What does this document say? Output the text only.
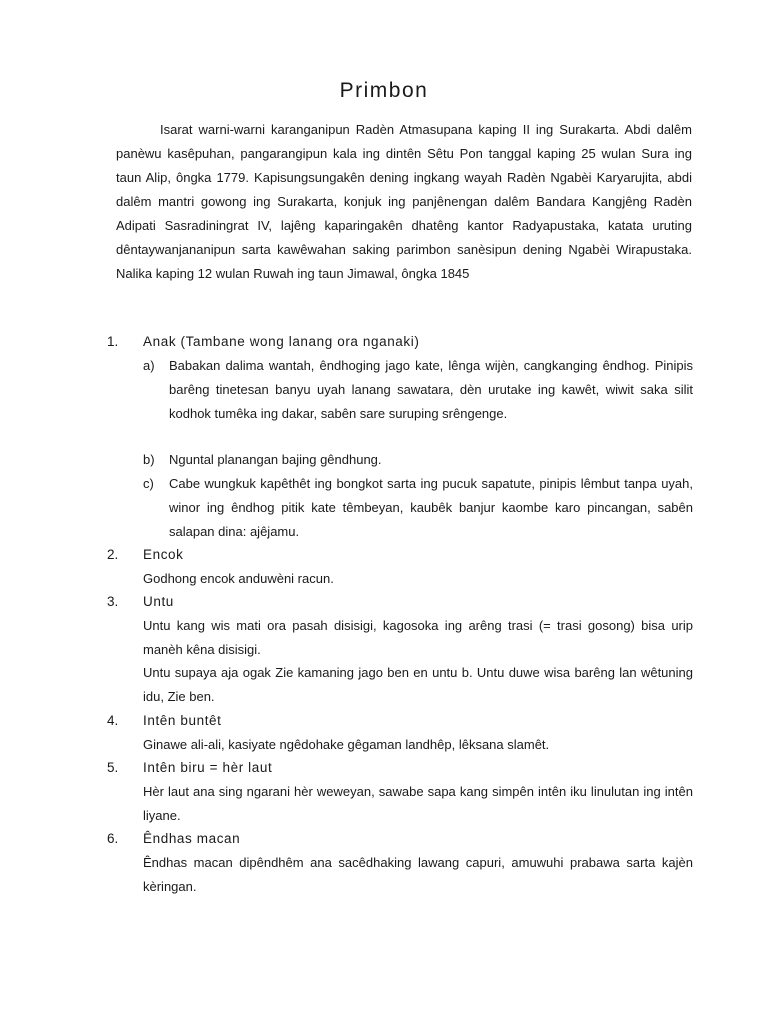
Primbon

Isarat warni-warni karanganipun Radèn Atmasupana kaping II ing Surakarta. Abdi dalêm panèwu kasêpuhan, pangarangipun kala ing dintên Sêtu Pon tanggal kaping 25 wulan Sura ing taun Alip, ôngka 1779. Kapisungsungakên dening ingkang wayah Radèn Ngabèi Karyarujita, abdi dalêm mantri gowong ing Surakarta, konjuk ing panjênengan dalêm Bandara Kangjêng Radèn Adipati Sasradiningrat IV, lajêng kaparingakên dhatêng kantor Radyapustaka, katata uruting dêntaywanjananipun sarta kawêwahan saking parimbon sanèsipun dening Ngabèi Wirapustaka. Nalika kaping 12 wulan Ruwah ing taun Jimawal, ôngka 1845

1. Anak (Tambane wong lanang ora nganaki)
a) Babakan dalima wantah, êndhoging jago kate, lênga wijèn, cangkanging êndhog. Pinipis barêng tinetesan banyu uyah lanang sawatara, dèn urutake ing kawêt, wiwit saka silit kodhok tumêka ing dakar, sabên sare suruping srêngenge.

b) Nguntal planangan bajing gêndhung.

c) Cabe wungkuk kapêthêt ing bongkot sarta ing pucuk sapatute, pinipis lêmbut tanpa uyah, winor ing êndhog pitik kate têmbeyan, kaubêk banjur kaombe karo pincangan, sabên salapan dina: ajêjamu.

2. Encok

Godhong encok anduwèni racun.

3. Untu

Untu kang wis mati ora pasah disisigi, kagosoka ing arêng trasi (= trasi gosong) bisa urip manèh kêna disisigi.

Untu supaya aja ogak Zie kamaning jago ben en untu b. Untu duwe wisa barêng lan wêtuning idu, Zie ben.

4. Intên buntêt

Ginawe ali-ali, kasiyate ngêdohake gêgaman landhêp, lêksana slamêt.

5. Intên biru = hèr laut

Hèr laut ana sing ngarani hèr weweyan, sawabe sapa kang simpên intên iku linulutan ing intên liyane.

6. Êndhas macan

Êndhas macan dipêndhêm ana sacêdhaking lawang capuri, amuwuhi prabawa sarta kajèn kèringan.
